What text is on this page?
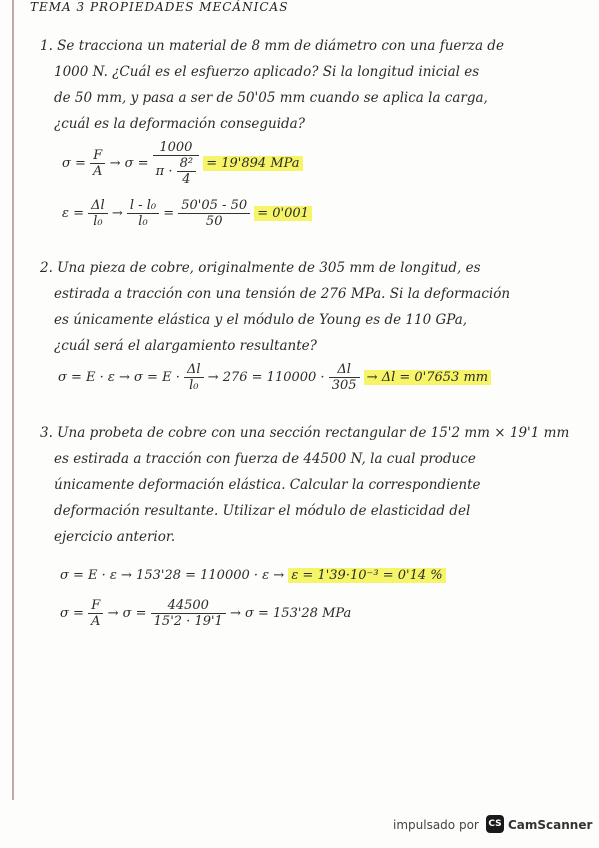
TEMA 3 PROPIEDADES MECÁNICAS
1. Se tracciona un material de 8 mm de diámetro con una fuerza de
1000 N. ¿Cuál es el esfuerzo aplicado? Si la longitud inicial es
de 50 mm, y pasa a ser de 50'05 mm cuando se aplica la carga,
¿cuál es la deformación conseguida?
$\sigma = \frac{F}{A} \to \sigma = \frac{1000}{\pi \cdot \frac{\text{8²}}{4}} = 19'894$ MPa
$\varepsilon = \frac{\Delta l}{\text{l₀}} \to \frac{\text{l - l₀}}{\text{l₀}} = \frac{50'05 - 50}{50} = 0'001$
2. Una pieza de cobre, originalmente de 305 mm de longitud, es
estirada a tracción con una tensión de 276 MPa. Si la deformación
es únicamente elástica y el módulo de Young es de 110 GPa,
¿cuál será el alargamiento resultante?
$\sigma = E \cdot \varepsilon \to \sigma = E \cdot \frac{\Delta l}{\text{l₀}} \to 276 = 110000 \cdot \frac{\Delta l}{305} \to \Delta l = 0'7653$ mm
3. Una probeta de cobre con una sección rectangular de 15'2 mm × 19'1 mm
es estirada a tracción con fuerza de 44500 N, la cual produce
únicamente deformación elástica. Calcular la correspondiente
deformación resultante. Utilizar el módulo de elasticidad del
ejercicio anterior.
σ = E · ε → 153'28 = 110000 · ε → ε = 1'39·10⁻³ = 0'14 %
$\sigma = \frac{F}{A} \to \sigma = \frac{44500}{15'2 \cdot 19'1} \to \sigma = 153'28$ MPa
impulsado por CS CamScanner
